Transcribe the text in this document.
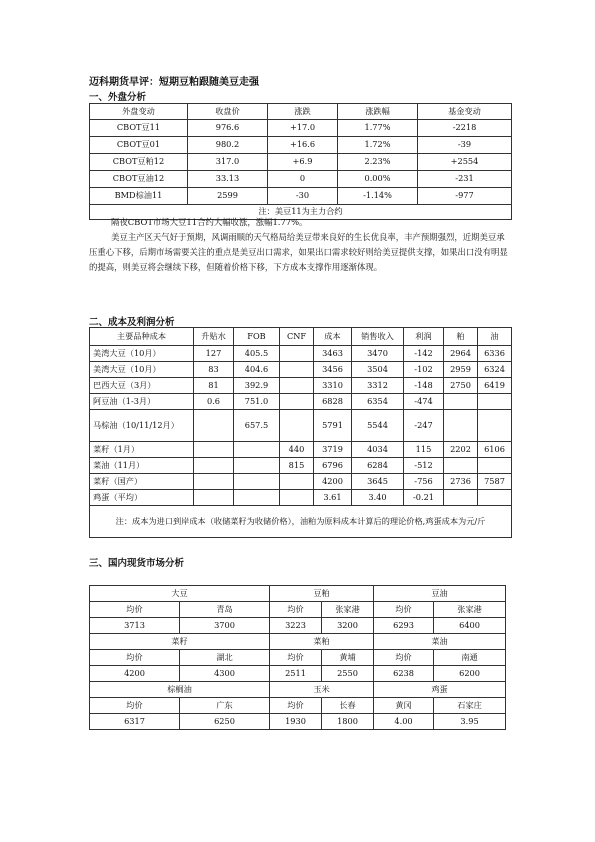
迈科期货早评：短期豆粕跟随美豆走强
一、外盘分析
外盘变动	收盘价	涨跌	涨跌幅	基金变动
CBOT豆11	976.6	+17.0	1.77%	-2218
CBOT豆01	980.2	+16.6	1.72%	-39
CBOT豆粕12	317.0	+6.9	2.23%	+2554
CBOT豆油12	33.13	0	0.00%	-231
BMD棕油11	2599	-30	-1.14%	-977
注：美豆11为主力合约				
隔夜CBOT市场大豆11合约大幅收涨，涨幅1.77%。
美豆主产区天气好于预期，风调雨顺的天气格局给美豆带来良好的生长优良率，丰产预期强烈，近期美豆承压重心下移，后期市场需要关注的重点是美豆出口需求，如果出口需求较好则给美豆提供支撑，如果出口没有明显的提高，则美豆将会继续下移，但随着价格下移，下方成本支撑作用逐渐体现。
二、成本及利润分析
主要品种成本	升贴水	FOB	CNF	成本	销售收入	利润	粕	油
美湾大豆（10月）	127	405.5		3463	3470	-142	2964	6336
美湾大豆（10月）	83	404.6		3456	3504	-102	2959	6324
巴西大豆（3月）	81	392.9		3310	3312	-148	2750	6419
阿豆油（1-3月）	0.6	751.0		6828	6354	-474		
马棕油（10/11/12月）		657.5		5791	5544	-247		
菜籽（1月）			440	3719	4034	115	2202	6106
菜油（11月）			815	6796	6284	-512		
菜籽（国产）				4200	3645	-756	2736	7587
鸡蛋（平均）				3.61	3.40	-0.21		
注：成本为进口到岸成本（收储菜籽为收储价格），油粕为原料成本计算后的理论价格,鸡蛋成本为元/斤								
三、国内现货市场分析
大豆		豆粕		豆油	
均价	青岛	均价	张家港	均价	张家港
3713	3700	3223	3200	6293	6400
菜籽		菜粕		菜油	
均价	湖北	均价	黄埔	均价	南通
4200	4300	2511	2550	6238	6200
棕榈油		玉米		鸡蛋	
均价	广东	均价	长春	黄冈	石家庄
6317	6250	1930	1800	4.00	3.95
